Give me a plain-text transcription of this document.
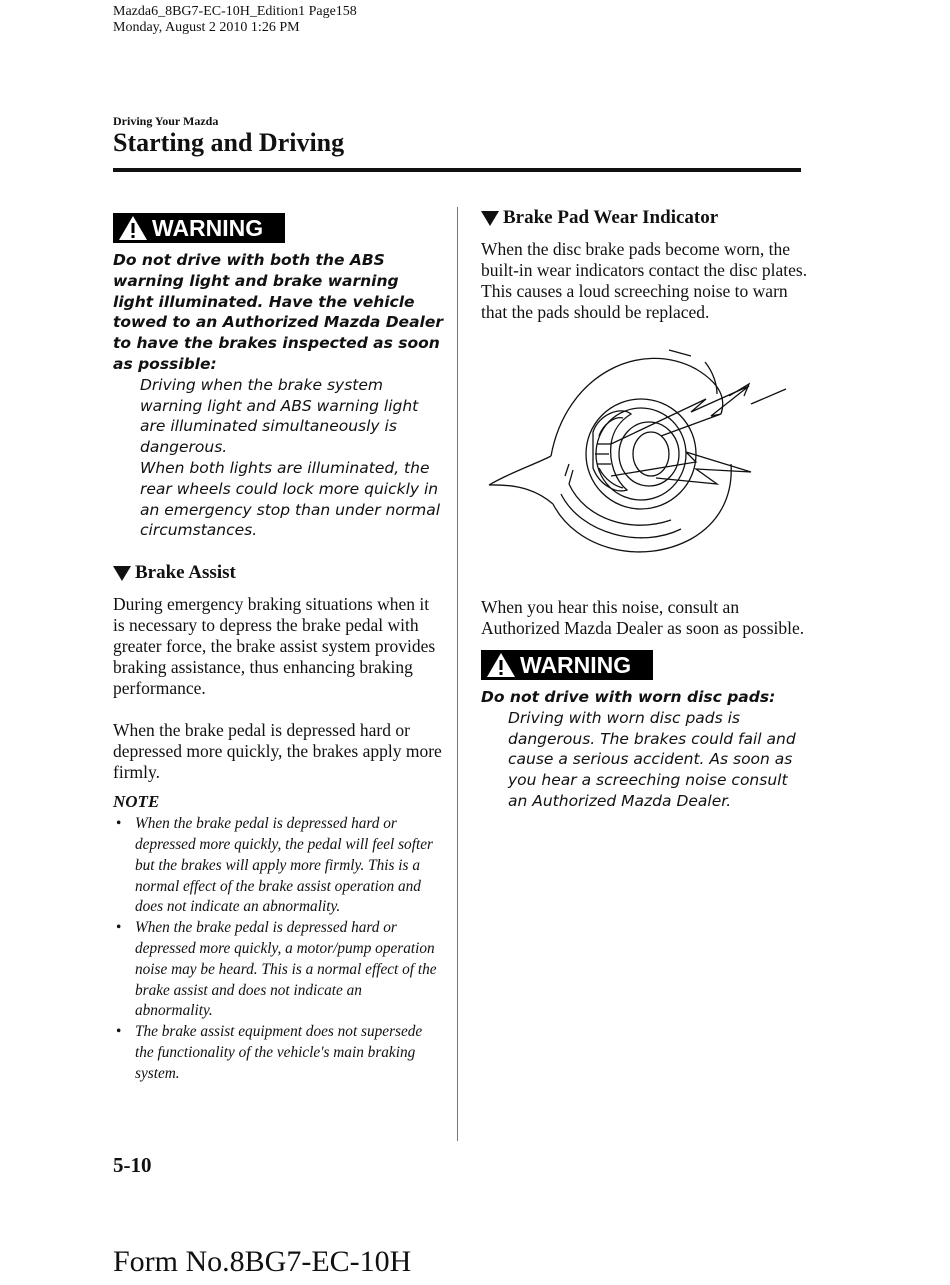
Mazda6_8BG7-EC-10H_Edition1 Page158
Monday, August 2 2010 1:26 PM
Driving Your Mazda
Starting and Driving
WARNING
Do not drive with both the ABS warning light and brake warning light illuminated. Have the vehicle towed to an Authorized Mazda Dealer to have the brakes inspected as soon as possible:
Driving when the brake system warning light and ABS warning light are illuminated simultaneously is dangerous.
When both lights are illuminated, the rear wheels could lock more quickly in an emergency stop than under normal circumstances.
Brake Assist

During emergency braking situations when it is necessary to depress the brake pedal with greater force, the brake assist system provides braking assistance, thus enhancing braking performance.

When the brake pedal is depressed hard or depressed more quickly, the brakes apply more firmly.

NOTE

• When the brake pedal is depressed hard or depressed more quickly, the pedal will feel softer but the brakes will apply more firmly. This is a normal effect of the brake assist operation and does not indicate an abnormality.
• When the brake pedal is depressed hard or depressed more quickly, a motor/pump operation noise may be heard. This is a normal effect of the brake assist and does not indicate an abnormality.
• The brake assist equipment does not supersede the functionality of the vehicle's main braking system.
Brake Pad Wear Indicator

When the disc brake pads become worn, the built-in wear indicators contact the disc plates. This causes a loud screeching noise to warn that the pads should be replaced.

When you hear this noise, consult an Authorized Mazda Dealer as soon as possible.

WARNING
Do not drive with worn disc pads:
Driving with worn disc pads is dangerous. The brakes could fail and cause a serious accident. As soon as you hear a screeching noise consult an Authorized Mazda Dealer.
5-10
Form No.8BG7-EC-10H
